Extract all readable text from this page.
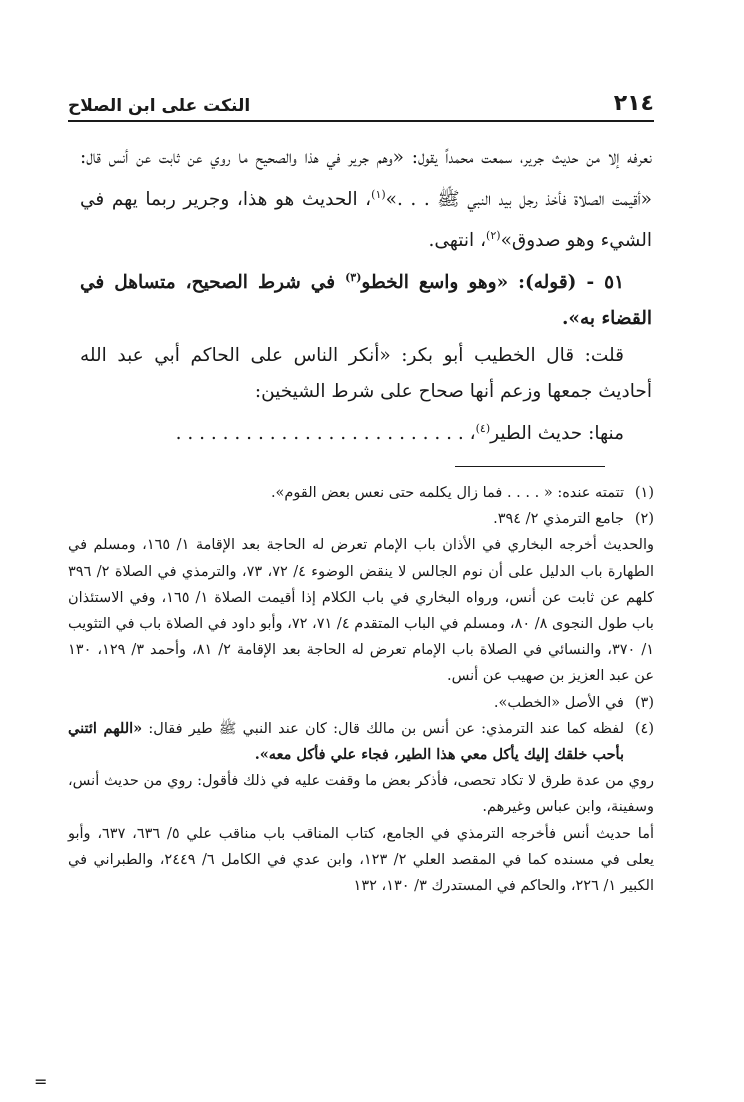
٢١٤
النكت على ابن الصلاح

نعرفه إلا من حديث جرير، سمعت محمداً يقول: «وهم جرير في هذا والصحيح ما روي عن ثابت عن أنس قال: «أقيمت الصلاة فأخذ رجل بيد النبي ﷺ . . .»$^{(١)}$، الحديث هو هذا، وجرير ربما يهم في الشيء وهو صدوق»$^{(٢)}$، انتهى.

٥١ - (قوله): «وهو واسع الخطو$^{(٣)}$ في شرط الصحيح، متساهل في القضاء به».

قلت: قال الخطيب أبو بكر: «أنكر الناس على الحاكم أبي عبد الله أحاديث جمعها وزعم أنها صحاح على شرط الشيخين:

منها: حديث الطير$^{(٤)}$، . . . . . . . . . . . . . . . . . . . . . . . . .

(١)
تتمته عنده: « . . . . فما زال يكلمه حتى نعس بعض القوم».
(٢)
جامع الترمذي ٢/ ٣٩٤.
والحديث أخرجه البخاري في الأذان باب الإمام تعرض له الحاجة بعد الإقامة ١/ ١٦٥، ومسلم في الطهارة باب الدليل على أن نوم الجالس لا ينقض الوضوء ٤/ ٧٢، ٧٣، والترمذي في الصلاة ٢/ ٣٩٦ كلهم عن ثابت عن أنس، ورواه البخاري في باب الكلام إذا أقيمت الصلاة ١/ ١٦٥، وفي الاستئذان باب طول النجوى ٨/ ٨٠، ومسلم في الباب المتقدم ٤/ ٧١، ٧٢، وأبو داود في الصلاة باب في التثويب ١/ ٣٧٠، والنسائي في الصلاة باب الإمام تعرض له الحاجة بعد الإقامة ٢/ ٨١، وأحمد ٣/ ١٢٩، ١٣٠ عن عبد العزيز بن صهيب عن أنس.
(٣)
في الأصل «الخطب».
(٤)
لفظه كما عند الترمذي: عن أنس بن مالك قال: كان عند النبي ﷺ طير فقال: «اللهم ائتني بأحب خلقك إليك يأكل معي هذا الطير، فجاء علي فأكل معه».
روي من عدة طرق لا تكاد تحصى، فأذكر بعض ما وقفت عليه في ذلك فأقول: روي من حديث أنس، وسفينة، وابن عباس وغيرهم.
أما حديث أنس فأخرجه الترمذي في الجامع، كتاب المناقب باب مناقب علي ٥/ ٦٣٦، ٦٣٧، وأبو يعلى في مسنده كما في المقصد العلي ٢/ ١٢٣، وابن عدي في الكامل ٦/ ٢٤٤٩، والطبراني في الكبير ١/ ٢٢٦، والحاكم في المستدرك ٣/ ١٣٠، ١٣٢
=
